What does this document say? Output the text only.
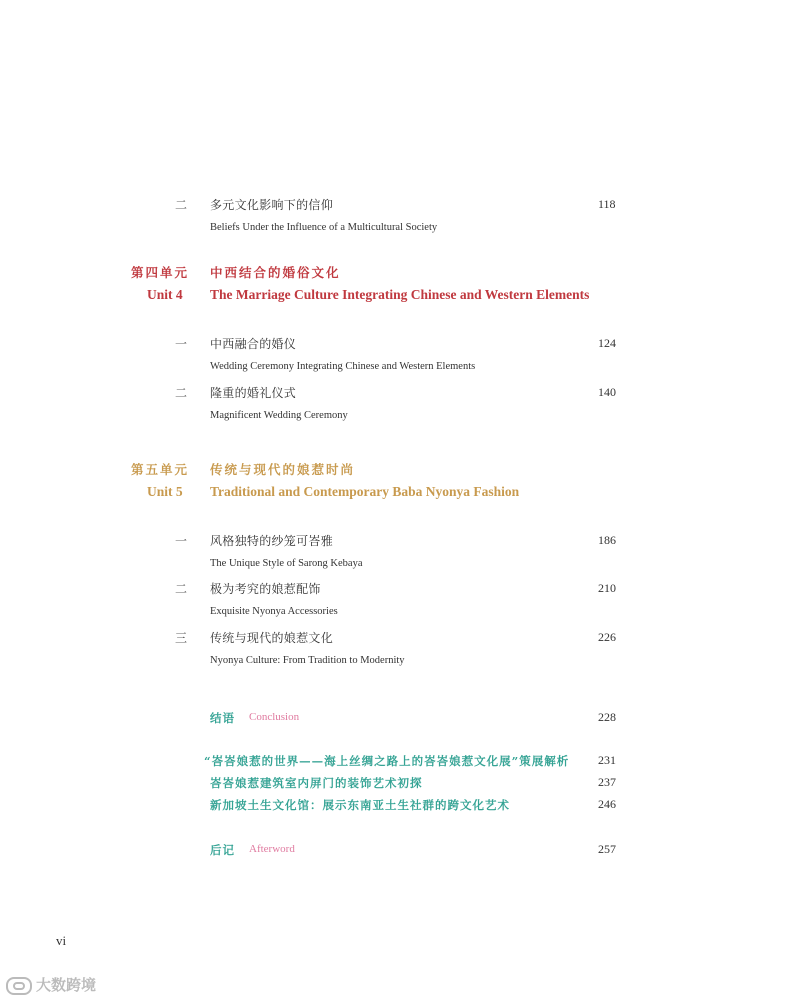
二 多元文化影响下的信仰	118
Beliefs Under the Influence of a Multicultural Society
第四单元 中西结合的婚俗文化
Unit 4 The Marriage Culture Integrating Chinese and Western Elements
一 中西融合的婚仪	124
Wedding Ceremony Integrating Chinese and Western Elements
二 隆重的婚礼仪式	140
Magnificent Wedding Ceremony
第五单元 传统与现代的娘惹时尚
Unit 5 Traditional and Contemporary Baba Nyonya Fashion
一 风格独特的纱笼可峇雅	186
The Unique Style of Sarong Kebaya
二 极为考究的娘惹配饰	210
Exquisite Nyonya Accessories
三 传统与现代的娘惹文化	226
Nyonya Culture: From Tradition to Modernity
结语 Conclusion	228
“峇峇娘惹的世界——海上丝绸之路上的峇峇娘惹文化展”策展解析 231
峇峇娘惹建筑室内屏门的装饰艺术初探	237
新加坡土生文化馆：展示东南亚土生社群的跨文化艺术	246
后记 Afterword	257
vi
大数跨境
